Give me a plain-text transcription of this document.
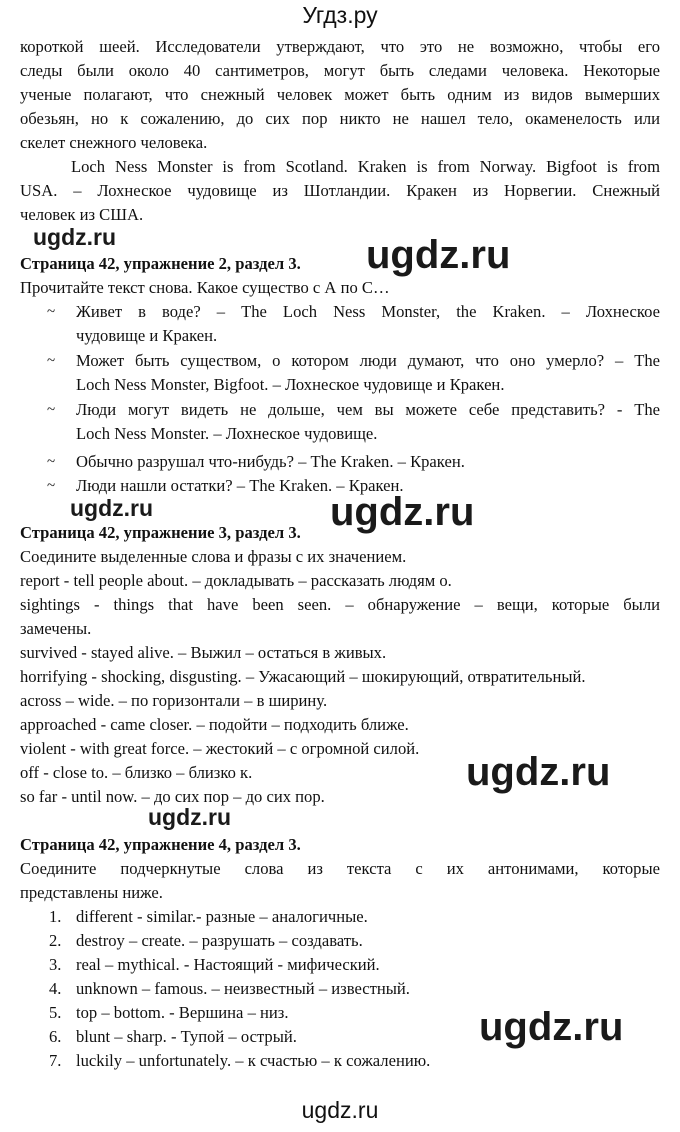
Угдз.ру
короткой шеей. Исследователи утверждают, что это не возможно, чтобы его
следы были около 40 сантиметров, могут быть следами человека. Некоторые
ученые полагают, что снежный человек может быть одним из видов вымерших
обезьян, но к сожалению, до сих пор никто не нашел тело, окаменелость или
скелет снежного человека.
Loch Ness Monster is from Scotland. Kraken is from Norway. Bigfoot is from
USA. – Лохнеское чудовище из Шотландии. Кракен из Норвегии. Снежный
человек из США.
Страница 42, упражнение 2, раздел 3.
Прочитайте текст снова. Какое существо с А по С…
~ Живет в воде? – The Loch Ness Monster, the Kraken. – Лохнеское
чудовище и Кракен.
~ Может быть существом, о котором люди думают, что оно умерло? – The
Loch Ness Monster, Bigfoot. – Лохнеское чудовище и Кракен.
~ Люди могут видеть не дольше, чем вы можете себе представить? - The
Loch Ness Monster. – Лохнеское чудовище.
~ Обычно разрушал что-нибудь? – The Kraken. – Кракен.
~ Люди нашли остатки? – The Kraken. – Кракен.
Страница 42, упражнение 3, раздел 3.
Соедините выделенные слова и фразы с их значением.
report - tell people about. – докладывать – рассказать людям о.
sightings - things that have been seen. – обнаружение – вещи, которые были
замечены.
survived - stayed alive. – Выжил – остаться в живых.
horrifying - shocking, disgusting. – Ужасающий – шокирующий, отвратительный.
across – wide. – по горизонтали – в ширину.
approached - came closer. – подойти – подходить ближе.
violent - with great force. – жестокий – с огромной силой.
off - close to. – близко – близко к.
so far - until now. – до сих пор – до сих пор.
Страница 42, упражнение 4, раздел 3.
Соедините подчеркнутые слова из текста с их антонимами, которые
представлены ниже.
1. different - similar.- разные – аналогичные.
2. destroy – create. – разрушать – создавать.
3. real – mythical. - Настоящий - мифический.
4. unknown – famous. – неизвестный – известный.
5. top – bottom. - Вершина – низ.
6. blunt – sharp. - Тупой – острый.
7. luckily – unfortunately. – к счастью – к сожалению.
ugdz.ru	ugdz.ru
ugdz.ru	ugdz.ru
ugdz.ru
ugdz.ru
ugdz.ru
ugdz.ru
